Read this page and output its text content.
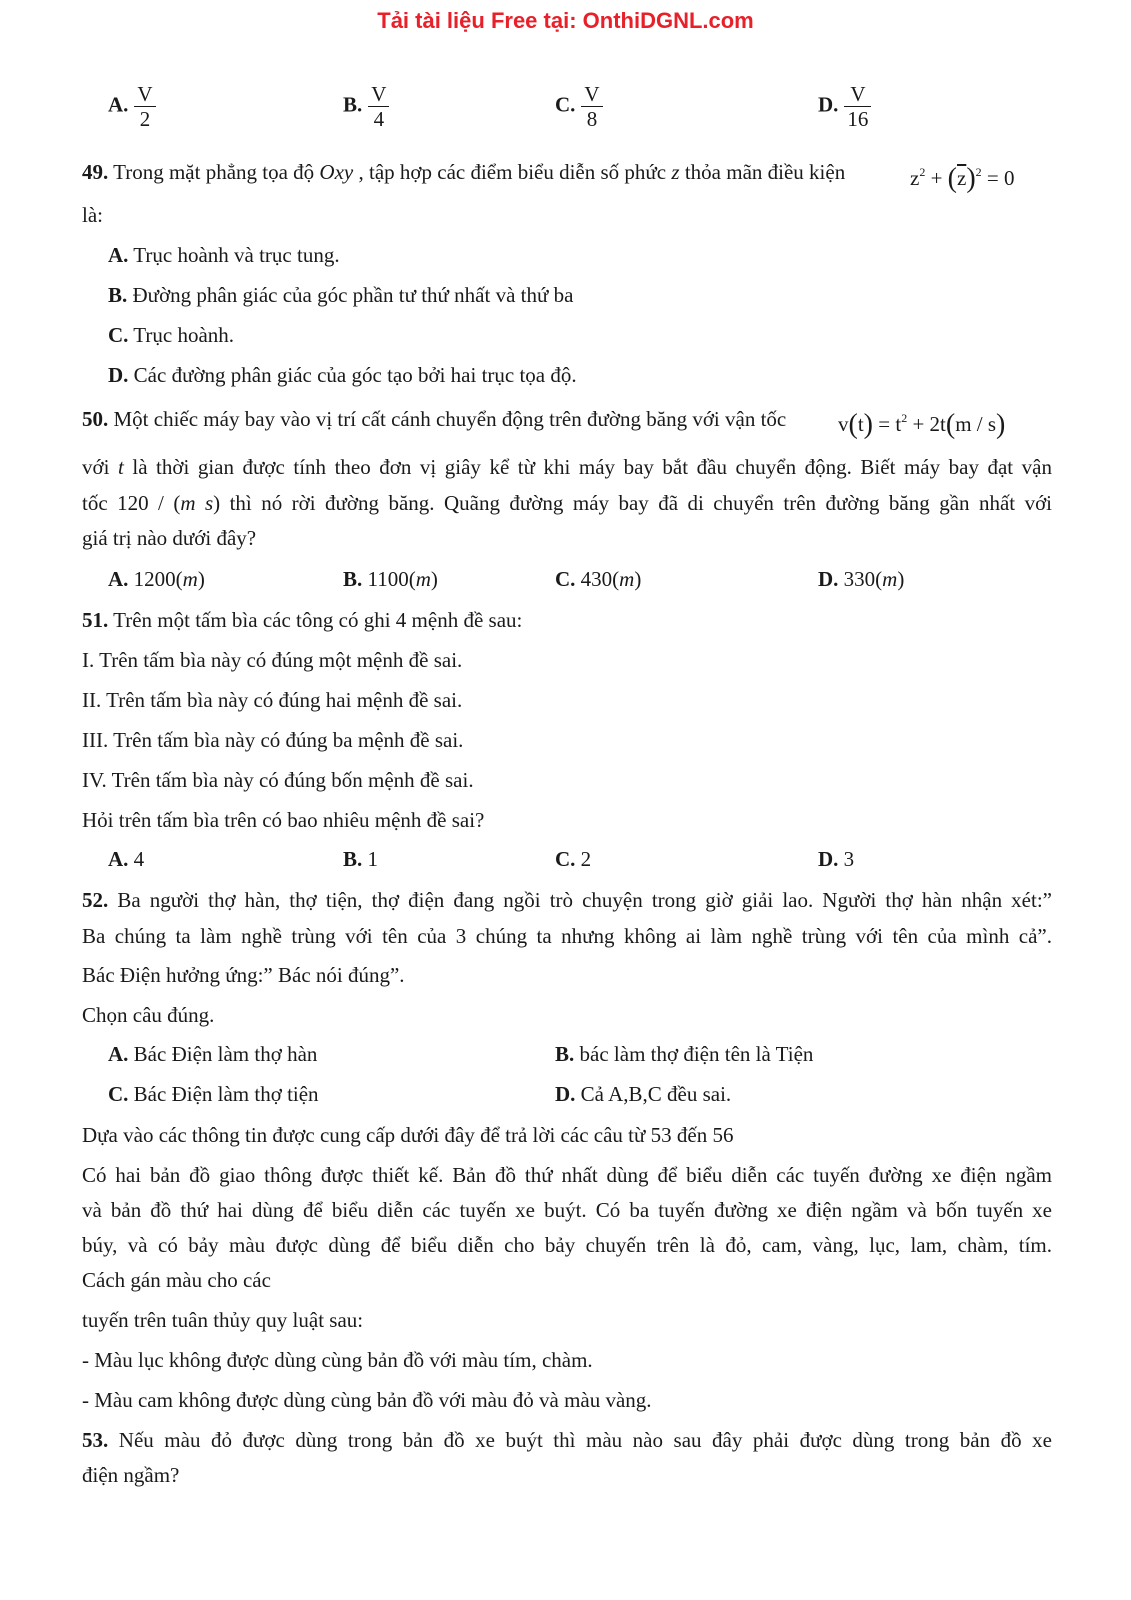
Tải tài liệu Free tại: OnthiDGNL.com
A. $\frac{V}{2}$	B. $\frac{V}{4}$	C. $\frac{V}{8}$	D. $\frac{V}{16}$
49. Trong mặt phẳng tọa độ Oxy , tập hợp các điểm biểu diễn số phức z thỏa mãn điều kiện	$z^2 + (\overline{z})^2 = 0$
là:
A. Trục hoành và trục tung.
B. Đường phân giác của góc phần tư thứ nhất và thứ ba
C. Trục hoành.
D. Các đường phân giác của góc tạo bởi hai trục tọa độ.
50. Một chiếc máy bay vào vị trí cất cánh chuyển động trên đường băng với vận tốc $v(t) = t^2 + 2t(m / s)$
với t là thời gian được tính theo đơn vị giây kể từ khi máy bay bắt đầu chuyển động. Biết máy bay đạt vận
tốc 120 / (m s) thì nó rời đường băng. Quãng đường máy bay đã di chuyển trên đường băng gần nhất với
giá trị nào dưới đây?
A. 1200(m)	B. 1100(m)	C. 430(m)	D. 330(m)
51. Trên một tấm bìa các tông có ghi 4 mệnh đề sau:
I. Trên tấm bìa này có đúng một mệnh đề sai.
II. Trên tấm bìa này có đúng hai mệnh đề sai.
III. Trên tấm bìa này có đúng ba mệnh đề sai.
IV. Trên tấm bìa này có đúng bốn mệnh đề sai.
Hỏi trên tấm bìa trên có bao nhiêu mệnh đề sai?
A. 4	B. 1	C. 2	D. 3
52. Ba người thợ hàn, thợ tiện, thợ điện đang ngồi trò chuyện trong giờ giải lao. Người thợ hàn nhận xét:”
Ba chúng ta làm nghề trùng với tên của 3 chúng ta nhưng không ai làm nghề trùng với tên của mình cả”.
Bác Điện hưởng ứng:” Bác nói đúng”.
Chọn câu đúng.
A. Bác Điện làm thợ hàn	B. bác làm thợ điện tên là Tiện
C. Bác Điện làm thợ tiện	D. Cả A,B,C đều sai.
Dựa vào các thông tin được cung cấp dưới đây để trả lời các câu từ 53 đến 56
Có hai bản đồ giao thông được thiết kế. Bản đồ thứ nhất dùng để biểu diễn các tuyến đường xe điện ngầm
và bản đồ thứ hai dùng để biểu diễn các tuyến xe buýt. Có ba tuyến đường xe điện ngầm và bốn tuyến xe
búy, và có bảy màu được dùng để biểu diễn cho bảy chuyến trên là đỏ, cam, vàng, lục, lam, chàm, tím.
Cách gán màu cho các
tuyến trên tuân thủy quy luật sau:
- Màu lục không được dùng cùng bản đồ với màu tím, chàm.
- Màu cam không được dùng cùng bản đồ với màu đỏ và màu vàng.
53. Nếu màu đỏ được dùng trong bản đồ xe buýt thì màu nào sau đây phải được dùng trong bản đồ xe
điện ngầm?
